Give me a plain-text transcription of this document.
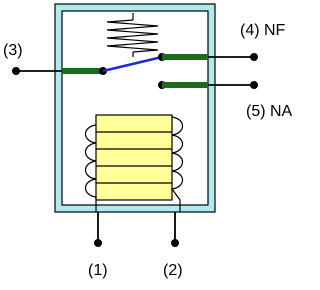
(3)
(4) NF
(5) NA
(1)	(2)
